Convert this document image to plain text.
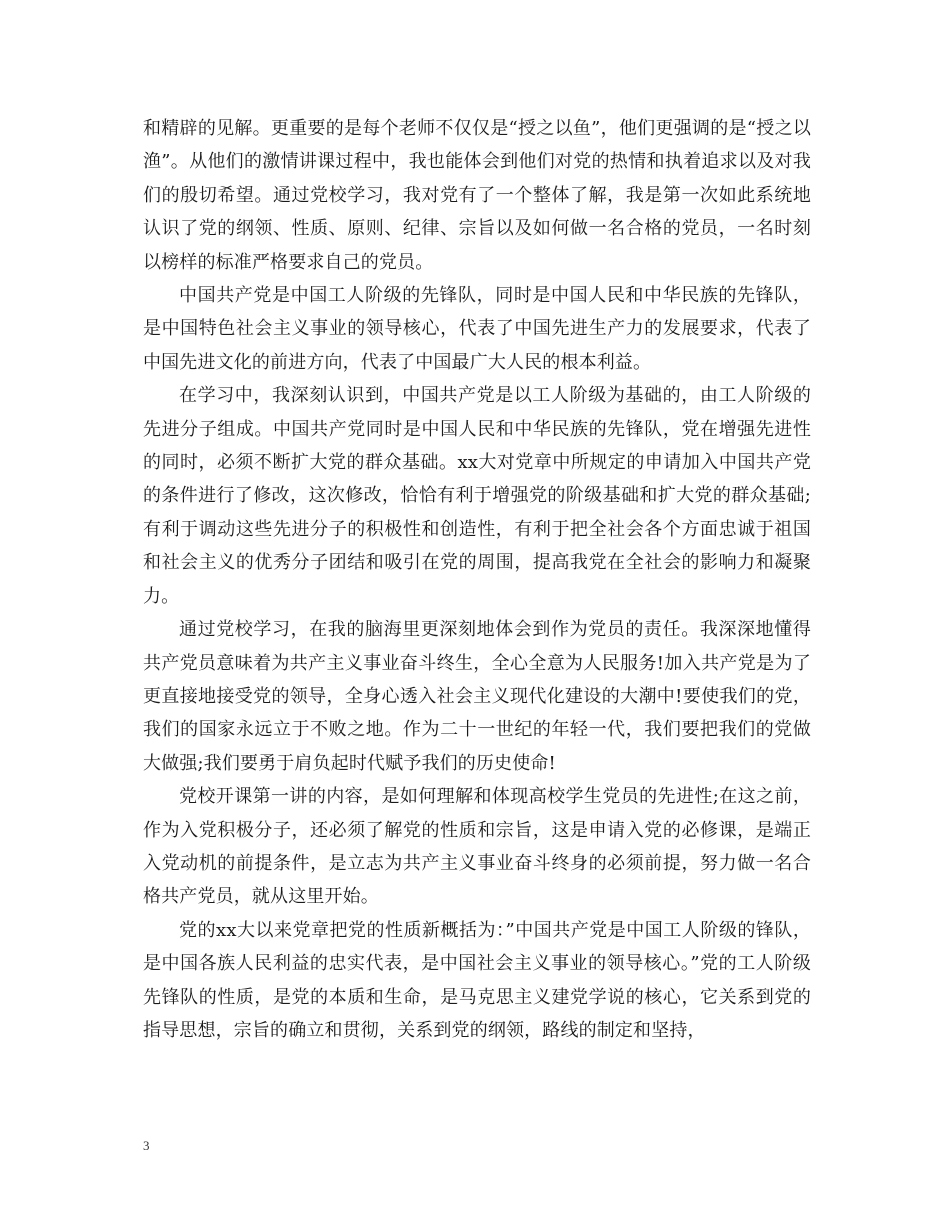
和精辟的见解。更重要的是每个老师不仅仅是“授之以鱼”，他们更强调的是“授之以渔”。从他们的激情讲课过程中，我也能体会到他们对党的热情和执着追求以及对我们的殷切希望。通过党校学习，我对党有了一个整体了解，我是第一次如此系统地认识了党的纲领、性质、原则、纪律、宗旨以及如何做一名合格的党员，一名时刻以榜样的标准严格要求自己的党员。

中国共产党是中国工人阶级的先锋队，同时是中国人民和中华民族的先锋队，是中国特色社会主义事业的领导核心，代表了中国先进生产力的发展要求，代表了中国先进文化的前进方向，代表了中国最广大人民的根本利益。

在学习中，我深刻认识到，中国共产党是以工人阶级为基础的，由工人阶级的先进分子组成。中国共产党同时是中国人民和中华民族的先锋队，党在增强先进性的同时，必须不断扩大党的群众基础。xx大对党章中所规定的申请加入中国共产党的条件进行了修改，这次修改，恰恰有利于增强党的阶级基础和扩大党的群众基础;有利于调动这些先进分子的积极性和创造性，有利于把全社会各个方面忠诚于祖国和社会主义的优秀分子团结和吸引在党的周围，提高我党在全社会的影响力和凝聚力。

通过党校学习，在我的脑海里更深刻地体会到作为党员的责任。我深深地懂得共产党员意味着为共产主义事业奋斗终生，全心全意为人民服务!加入共产党是为了更直接地接受党的领导，全身心透入社会主义现代化建设的大潮中!要使我们的党，我们的国家永远立于不败之地。作为二十一世纪的年轻一代，我们要把我们的党做大做强;我们要勇于肩负起时代赋予我们的历史使命!

党校开课第一讲的内容，是如何理解和体现高校学生党员的先进性;在这之前，作为入党积极分子，还必须了解党的性质和宗旨，这是申请入党的必修课，是端正入党动机的前提条件，是立志为共产主义事业奋斗终身的必须前提，努力做一名合格共产党员，就从这里开始。

党的xx大以来党章把党的性质新概括为：”中国共产党是中国工人阶级的锋队，是中国各族人民利益的忠实代表，是中国社会主义事业的领导核心。”党的工人阶级先锋队的性质，是党的本质和生命，是马克思主义建党学说的核心，它关系到党的指导思想，宗旨的确立和贯彻，关系到党的纲领，路线的制定和坚持，

3
